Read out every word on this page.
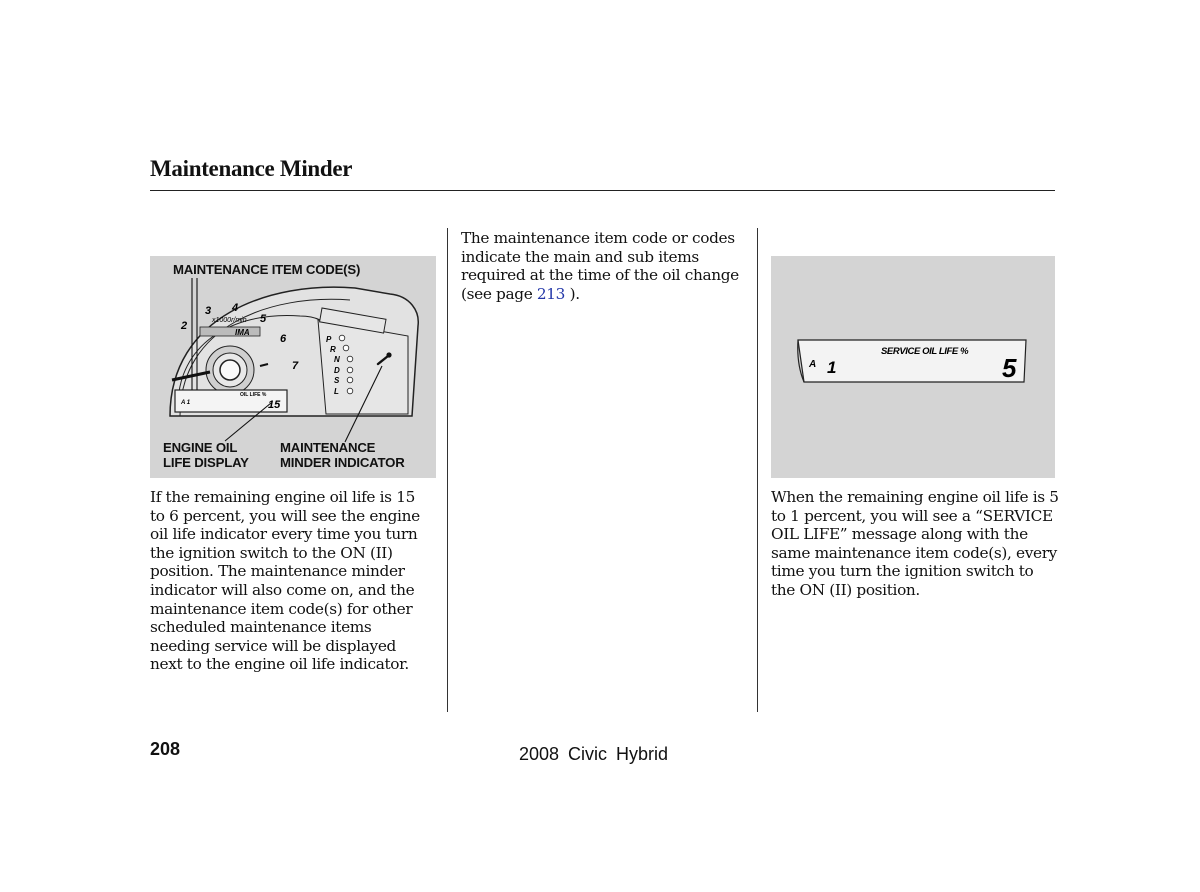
Maintenance Minder

MAINTENANCE ITEM CODE(S)

2
3 4
5
6
7
x1000r/min
IMA
A 1
OIL LIFE %
15
P
R
N
D
S
L

ENGINE OIL

LIFE DISPLAY

MAINTENANCE

MINDER INDICATOR

If the remaining engine oil life is 15 to 6 percent, you will see the engine oil life indicator every time you turn the ignition switch to the ON (II) position. The maintenance minder indicator will also come on, and the maintenance item code(s) for other scheduled maintenance items needing service will be displayed next to the engine oil life indicator.

The maintenance item code or codes
indicate the main and sub items
required at the time of the oil change
(see page 213 ).
A 1
SERVICE OIL LIFE %
5

When the remaining engine oil life is 5 to 1 percent, you will see a “SERVICE OIL LIFE” message along with the same maintenance item code(s), every time you turn the ignition switch to the ON (II) position.

208	2008 Civic Hybrid
